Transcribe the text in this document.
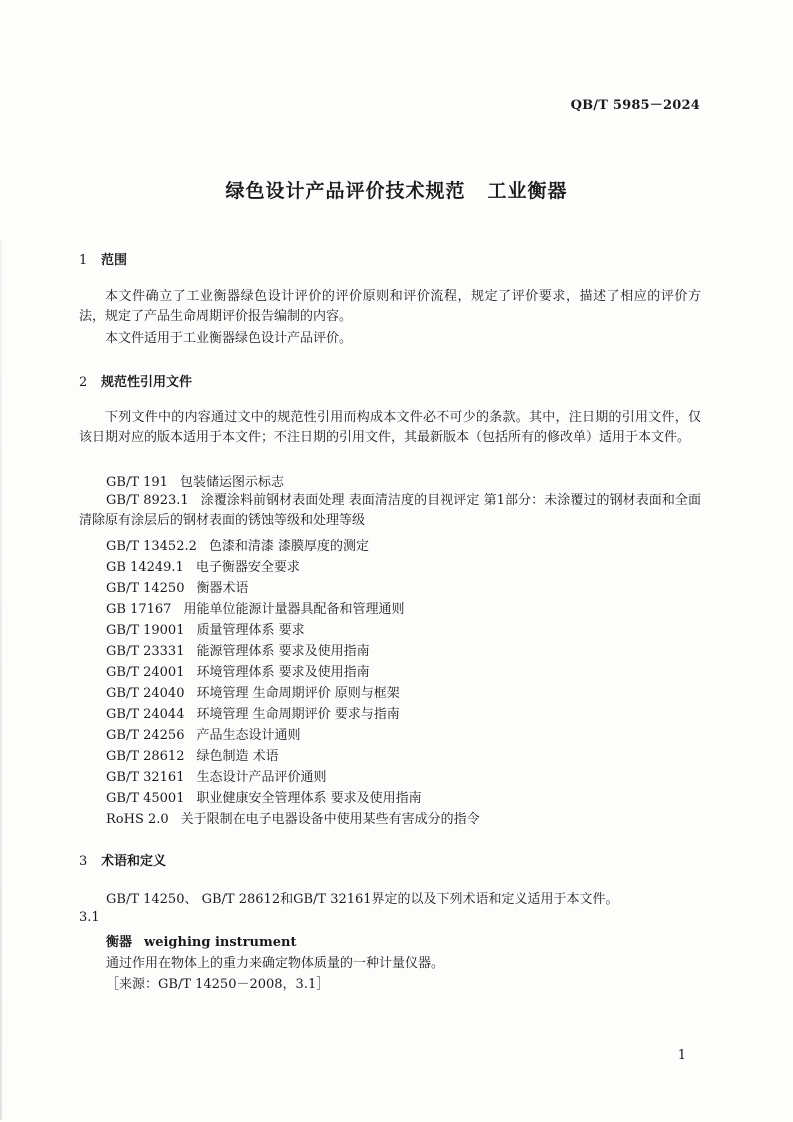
QB/T 5985－2024
绿色设计产品评价技术规范 工业衡器
1 范围
本文件确立了工业衡器绿色设计评价的评价原则和评价流程，规定了评价要求，描述了相应的评价方法，规定了产品生命周期评价报告编制的内容。
本文件适用于工业衡器绿色设计产品评价。
2 规范性引用文件
下列文件中的内容通过文中的规范性引用而构成本文件必不可少的条款。其中，注日期的引用文件，仅该日期对应的版本适用于本文件；不注日期的引用文件，其最新版本（包括所有的修改单）适用于本文件。
GB/T 191 包装储运图示标志
GB/T 8923.1 涂覆涂料前钢材表面处理 表面清洁度的目视评定 第1部分：未涂覆过的钢材表面和全面清除原有涂层后的钢材表面的锈蚀等级和处理等级
GB/T 13452.2 色漆和清漆 漆膜厚度的测定
GB 14249.1 电子衡器安全要求
GB/T 14250 衡器术语
GB 17167 用能单位能源计量器具配备和管理通则
GB/T 19001 质量管理体系 要求
GB/T 23331 能源管理体系 要求及使用指南
GB/T 24001 环境管理体系 要求及使用指南
GB/T 24040 环境管理 生命周期评价 原则与框架
GB/T 24044 环境管理 生命周期评价 要求与指南
GB/T 24256 产品生态设计通则
GB/T 28612 绿色制造 术语
GB/T 32161 生态设计产品评价通则
GB/T 45001 职业健康安全管理体系 要求及使用指南
RoHS 2.0 关于限制在电子电器设备中使用某些有害成分的指令
3 术语和定义
GB/T 14250、 GB/T 28612和GB/T 32161界定的以及下列术语和定义适用于本文件。
3.1
衡器 weighing instrument
通过作用在物体上的重力来确定物体质量的一种计量仪器。
［来源：GB/T 14250－2008，3.1］
1
